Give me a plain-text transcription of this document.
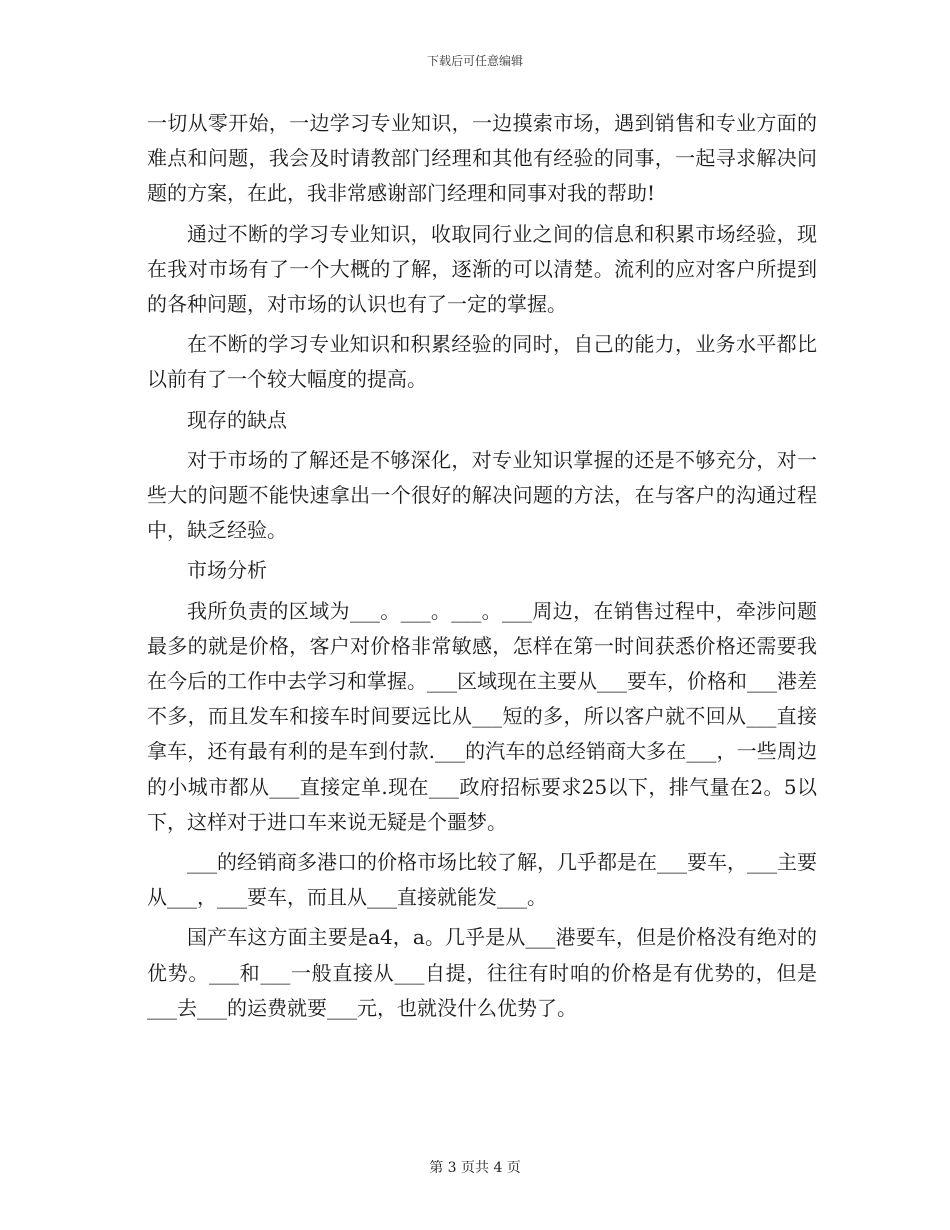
下载后可任意编辑

一切从零开始，一边学习专业知识，一边摸索市场，遇到销售和专业方面的难点和问题，我会及时请教部门经理和其他有经验的同事，一起寻求解决问题的方案，在此，我非常感谢部门经理和同事对我的帮助!

通过不断的学习专业知识，收取同行业之间的信息和积累市场经验，现在我对市场有了一个大概的了解，逐渐的可以清楚。流利的应对客户所提到的各种问题，对市场的认识也有了一定的掌握。

在不断的学习专业知识和积累经验的同时，自己的能力，业务水平都比以前有了一个较大幅度的提高。

现存的缺点

对于市场的了解还是不够深化，对专业知识掌握的还是不够充分，对一些大的问题不能快速拿出一个很好的解决问题的方法，在与客户的沟通过程中，缺乏经验。

市场分析

我所负责的区域为___。___。___。___周边，在销售过程中，牵涉问题最多的就是价格，客户对价格非常敏感，怎样在第一时间获悉价格还需要我在今后的工作中去学习和掌握。___区域现在主要从___要车，价格和___港差不多，而且发车和接车时间要远比从___短的多，所以客户就不回从___直接拿车，还有最有利的是车到付款.___的汽车的总经销商大多在___，一些周边的小城市都从___直接定单.现在___政府招标要求25以下，排气量在2。5以下，这样对于进口车来说无疑是个噩梦。

___的经销商多港口的价格市场比较了解，几乎都是在___要车，___主要从___，___要车，而且从___直接就能发___。

国产车这方面主要是a4，a。几乎是从___港要车，但是价格没有绝对的优势。___和___一般直接从___自提，往往有时咱的价格是有优势的，但是___去___的运费就要___元，也就没什么优势了。

第 3 页共 4 页
